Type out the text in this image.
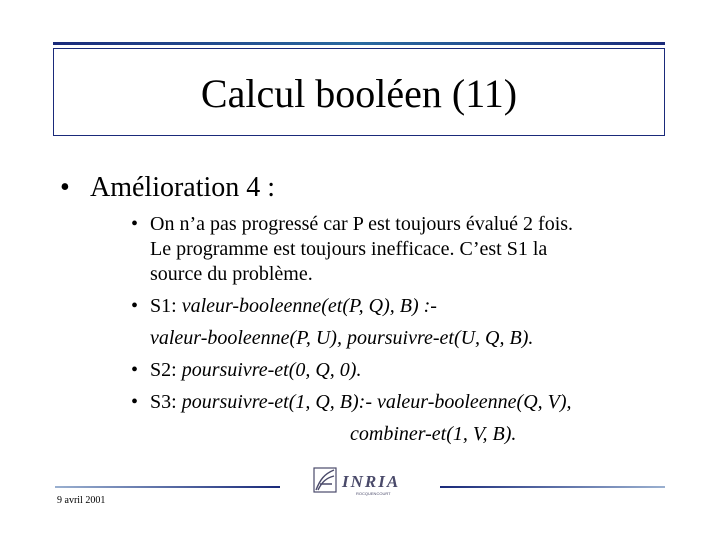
Calcul booléen (11)
• Amélioration 4 :
• On n’a pas progressé car P est toujours évalué 2 fois.
Le programme est toujours inefficace. C’est S1 la
source du problème.
• S1: valeur-booleenne(et(P, Q), B) :-
valeur-booleenne(P, U), poursuivre-et(U, Q, B).
• S2: poursuivre-et(0, Q, 0).
• S3: poursuivre-et(1, Q, B):- valeur-booleenne(Q, V),
combiner-et(1, V, B).
INRIA
ROCQUENCOURT
9 avril 2001
